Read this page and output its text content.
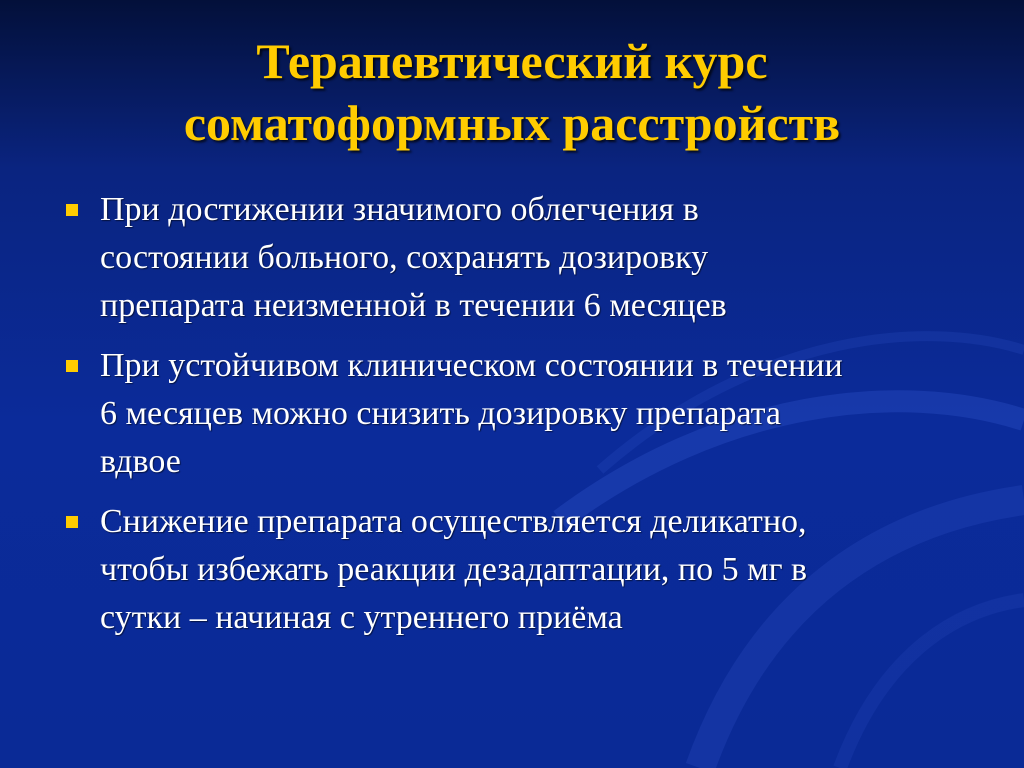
Терапевтический курс
соматоформных расстройств
При достижении значимого облегчения в
состоянии больного, сохранять дозировку
препарата неизменной в течении 6 месяцев
При устойчивом клиническом состоянии в течении
6 месяцев можно снизить дозировку препарата
вдвое
Снижение препарата осуществляется деликатно,
чтобы избежать реакции дезадаптации, по 5 мг в
сутки – начиная с утреннего приёма
